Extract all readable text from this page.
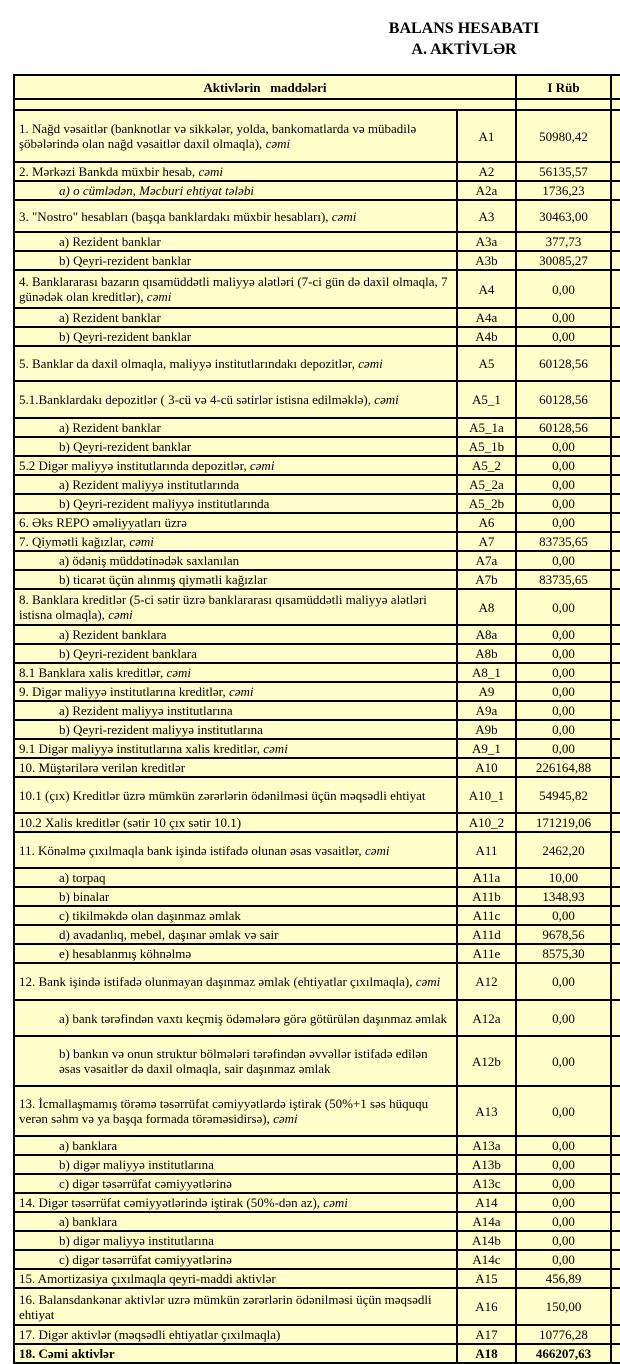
BALANS HESABATI
A. AKTİVLƏR
Aktivlərin   maddələri		I Rüb	

1. Nağd vəsaitlər (banknotlar və sikkələr, yolda, bankomatlarda və mübadilə şöbələrində olan nağd vəsaitlər daxil olmaqla), cəmi	A1	50980,42	
2. Mərkəzi Bankda müxbir hesab, cəmi	A2	56135,57	
a) o cümlədən, Məcburi ehtiyat tələbi	A2a	1736,23	
3. "Nostro" hesabları (başqa banklardakı müxbir hesabları), cəmi	A3	30463,00	
a) Rezident banklar	A3a	377,73	
b) Qeyri-rezident banklar	A3b	30085,27	
4. Banklararası bazarın qısamüddətli maliyyə alətləri (7-ci gün də daxil olmaqla, 7 günədək olan kreditlər), cəmi	A4	0,00	
a) Rezident banklar	A4a	0,00	
b) Qeyri-rezident banklar	A4b	0,00	
5. Banklar da daxil olmaqla, maliyyə institutlarındakı depozitlər, cəmi	A5	60128,56	
5.1.Banklardakı depozitlər ( 3-cü və 4-cü sətirlər istisna edilməklə), cəmi	A5_1	60128,56	
a) Rezident banklar	A5_1a	60128,56	
b) Qeyri-rezident banklar	A5_1b	0,00	
5.2 Digər maliyyə institutlarında depozitlər, cəmi	A5_2	0,00	
a) Rezident maliyyə institutlarında	A5_2a	0,00	
b) Qeyri-rezident maliyyə institutlarında	A5_2b	0,00	
6. Əks REPO əməliyyatları üzrə	A6	0,00	
7. Qiymətli kağızlar, cəmi	A7	83735,65	
a) ödəniş müddətinədək saxlanılan	A7a	0,00	
b) ticarət üçün alınmış qiymətli kağızlar	A7b	83735,65	
8. Banklara kreditlər (5-ci sətir üzrə banklararası qısamüddətli maliyyə alətləri istisna olmaqla), cəmi	A8	0,00	
a) Rezident banklara	A8a	0,00	
b) Qeyri-rezident banklara	A8b	0,00	
8.1 Banklara xalis kreditlər, cəmi	A8_1	0,00	
9. Digər maliyyə institutlarına kreditlər, cəmi	A9	0,00	
a) Rezident maliyyə institutlarına	A9a	0,00	
b) Qeyri-rezident maliyyə institutlarına	A9b	0,00	
9.1 Digər maliyyə institutlarına xalis kreditlər, cəmi	A9_1	0,00	
10. Müştərilərə verilən kreditlər	A10	226164,88	
10.1 (çıx) Kreditlər üzrə mümkün zərərlərin ödənilməsi üçün məqsədli ehtiyat	A10_1	54945,82	
10.2 Xalis kreditlər (sətir 10 çıx sətir 10.1)	A10_2	171219,06	
11. Könəlmə çıxılmaqla bank işində istifadə olunan əsas vəsaitlər, cəmi	A11	2462,20	
a) torpaq	A11a	10,00	
b) binalar	A11b	1348,93	
c) tikilməkdə olan daşınmaz əmlak	A11c	0,00	
d) avadanlıq, mebel, daşınar əmlak və sair	A11d	9678,56	
e) hesablanmış köhnəlmə	A11e	8575,30	
12. Bank işində istifadə olunmayan daşınmaz əmlak (ehtiyatlar çıxılmaqla), cəmi	A12	0,00	
a) bank tərəfindən vaxtı keçmiş ödəmələrə görə götürülən daşınmaz əmlak	A12a	0,00	
b) bankın və onun struktur bölmələri tərəfindən əvvəllər istifadə edilən əsas vəsaitlər də daxil olmaqla, sair daşınmaz əmlak	A12b	0,00	
13. İcmallaşmamış törəmə təsərrüfat cəmiyyətlərdə iştirak (50%+1 səs hüququ verən səhm və ya başqa formada törəməsidirsə), cəmi	A13	0,00	
a) banklara	A13a	0,00	
b) digər maliyyə institutlarına	A13b	0,00	
c) digər təsərrüfat cəmiyyətlərinə	A13c	0,00	
14. Digər təsərrüfat cəmiyyətlərində iştirak (50%-dən az), cəmi	A14	0,00	
a) banklara	A14a	0,00	
b) digər maliyyə institutlarına	A14b	0,00	
c) digər təsərrüfat cəmiyyətlərinə	A14c	0,00	
15. Amortizasiya çıxılmaqla qeyri-maddi aktivlər	A15	456,89	
16. Balansdankənar aktivlər uzrə mümkün zərərlərin ödənilməsi üçün məqsədli ehtiyat	A16	150,00	
17. Digər aktivlər (məqsədli ehtiyatlar çıxılmaqla)	A17	10776,28	
18. Cəmi aktivlər	A18	466207,63	
